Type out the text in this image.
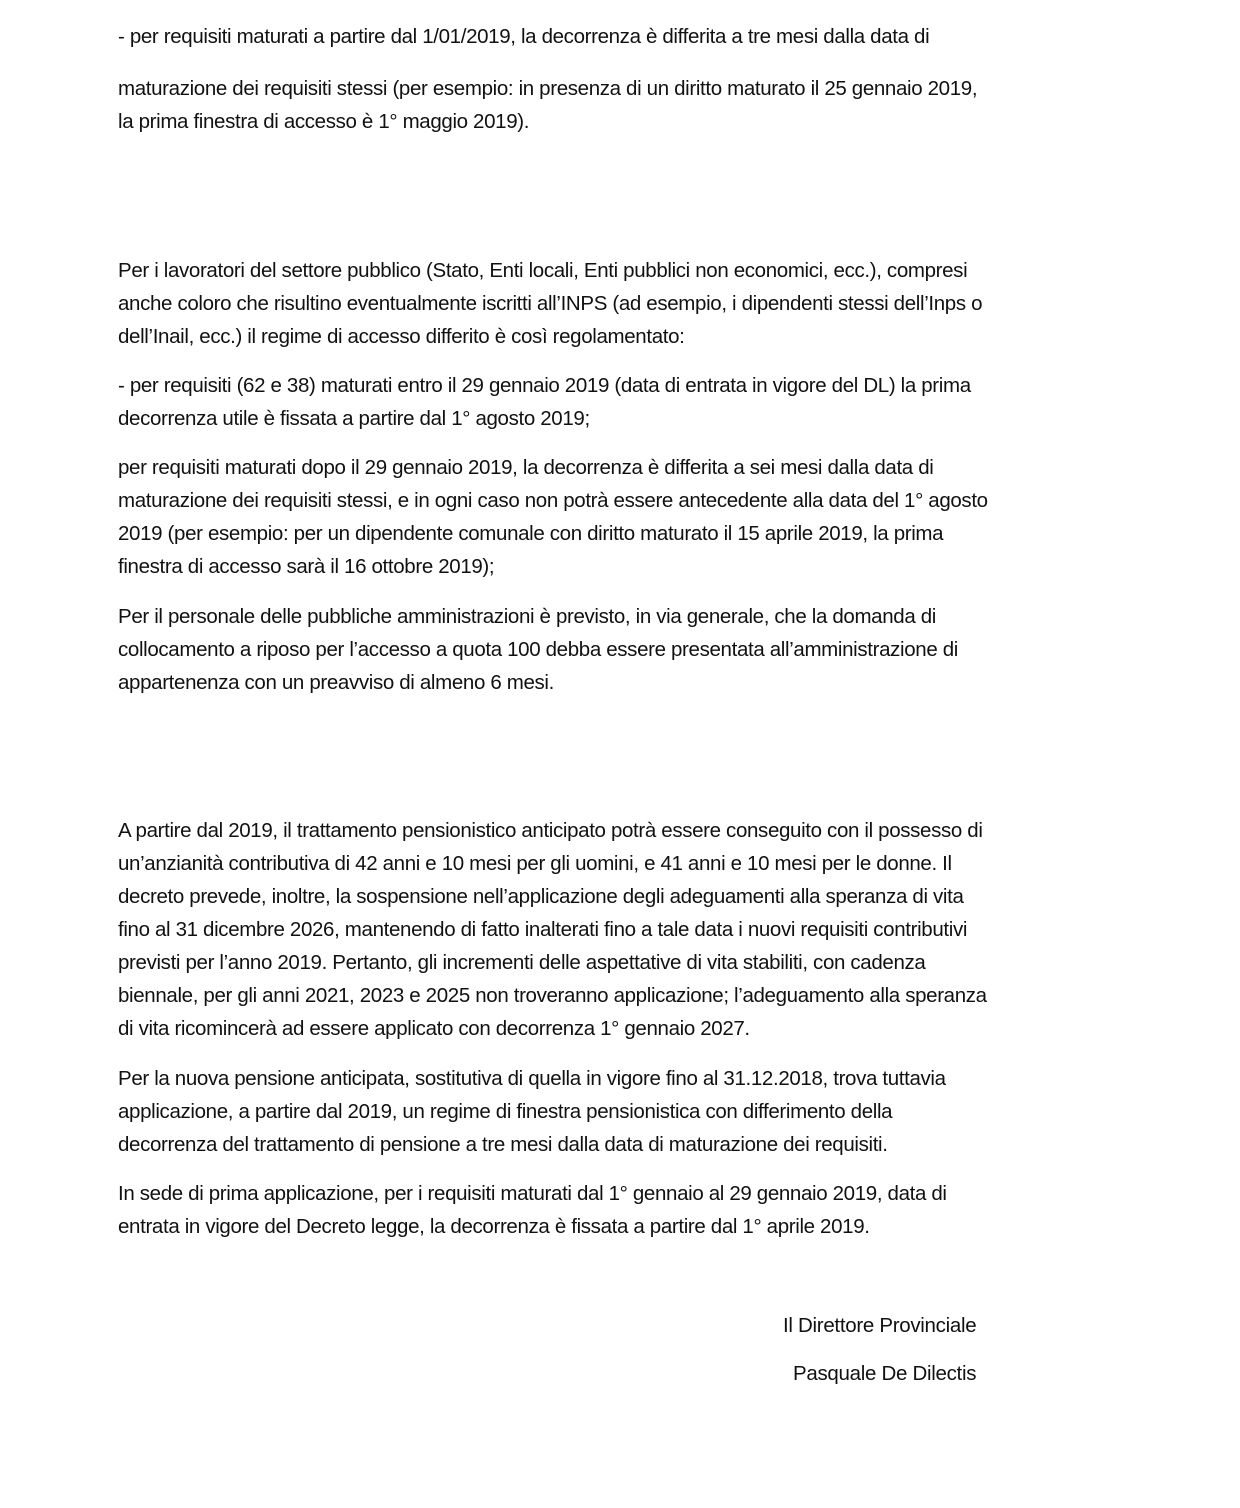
- per requisiti maturati a partire dal 1/01/2019, la decorrenza è differita a tre mesi dalla data di
maturazione dei requisiti stessi (per esempio: in presenza di un diritto maturato il 25 gennaio 2019,
la prima finestra di accesso è 1° maggio 2019).
Per i lavoratori del settore pubblico (Stato, Enti locali, Enti pubblici non economici, ecc.), compresi
anche coloro che risultino eventualmente iscritti all’INPS (ad esempio, i dipendenti stessi dell’Inps o
dell’Inail, ecc.) il regime di accesso differito è così regolamentato:
- per requisiti (62 e 38) maturati entro il 29 gennaio 2019 (data di entrata in vigore del DL) la prima
decorrenza utile è fissata a partire dal 1° agosto 2019;
per requisiti maturati dopo il 29 gennaio 2019, la decorrenza è differita a sei mesi dalla data di
maturazione dei requisiti stessi, e in ogni caso non potrà essere antecedente alla data del 1° agosto
2019 (per esempio: per un dipendente comunale con diritto maturato il 15 aprile 2019, la prima
finestra di accesso sarà il 16 ottobre 2019);
Per il personale delle pubbliche amministrazioni è previsto, in via generale, che la domanda di
collocamento a riposo per l’accesso a quota 100 debba essere presentata all’amministrazione di
appartenenza con un preavviso di almeno 6 mesi.
A partire dal 2019, il trattamento pensionistico anticipato potrà essere conseguito con il possesso di
un’anzianità contributiva di 42 anni e 10 mesi per gli uomini, e 41 anni e 10 mesi per le donne. Il
decreto prevede, inoltre, la sospensione nell’applicazione degli adeguamenti alla speranza di vita
fino al 31 dicembre 2026, mantenendo di fatto inalterati fino a tale data i nuovi requisiti contributivi
previsti per l’anno 2019. Pertanto, gli incrementi delle aspettative di vita stabiliti, con cadenza
biennale, per gli anni 2021, 2023 e 2025 non troveranno applicazione; l’adeguamento alla speranza
di vita ricomincerà ad essere applicato con decorrenza 1° gennaio 2027.
Per la nuova pensione anticipata, sostitutiva di quella in vigore fino al 31.12.2018, trova tuttavia
applicazione, a partire dal 2019, un regime di finestra pensionistica con differimento della
decorrenza del trattamento di pensione a tre mesi dalla data di maturazione dei requisiti.
In sede di prima applicazione, per i requisiti maturati dal 1° gennaio al 29 gennaio 2019, data di
entrata in vigore del Decreto legge, la decorrenza è fissata a partire dal 1° aprile 2019.
Il Direttore Provinciale
Pasquale De Dilectis
